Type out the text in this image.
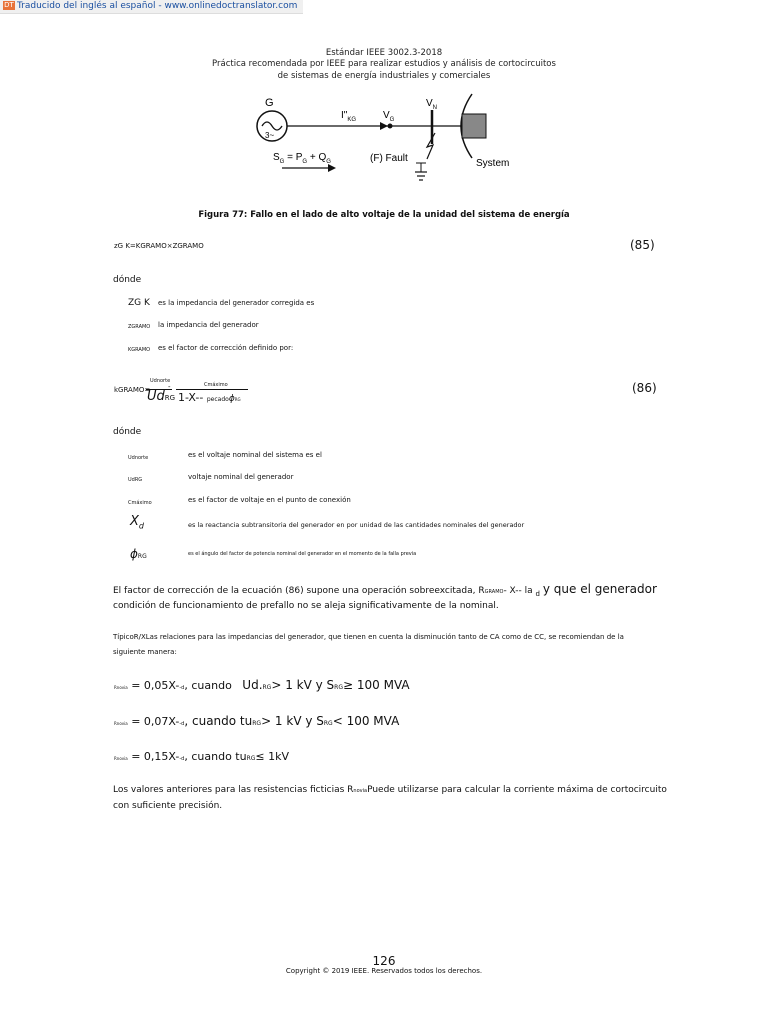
DT Traducido del inglés al español - www.onlinedoctranslator.com
Estándar IEEE 3002.3-2018
Práctica recomendada por IEEE para realizar estudios y análisis de cortocircuitos
de sistemas de energía industriales y comerciales
G
3~
$I"_{KG}$	$V_G$
$V_N$
$S_G = P_G + Q_G$	(F) Fault	System
Figura 77: Fallo en el lado de alto voltaje de la unidad del sistema de energía
zG K=KGRAMO×ZGRAMO	(85)
dónde
ZG K es la impedancia del generador corregida es
ZGRAMO la impedancia del generador
KGRAMO es el factor de corrección definido por:
kGRAMO=
Udnorte
UdRG
-	Cmáximo
1-X-- pecadoϕRG
(86)
dónde
Udnorte	es el voltaje nominal del sistema es el
UdRG	voltaje nominal del generador
Cmáximo	es el factor de voltaje en el punto de conexión
$X_d$	es la reactancia subtransitoria del generador en por unidad de las cantidades nominales del generador
ϕRG	es el ángulo del factor de potencia nominal del generador en el momento de la falla previa
El factor de corrección de la ecuación (86) supone una operación sobreexcitada, RGRAMO- X-- la $_d$ y que el generador
condición de funcionamiento de prefallo no se aleja significativamente de la nominal.
TípicoR/XLas relaciones para las impedancias del generador, que tienen en cuenta la disminución tanto de CA como de CC, se recomiendan de la
siguiente manera:
Rnovia = 0,05X--d, cuando Ud.RG> 1 kV y SRG≥ 100 MVA
Rnovia = 0,07X--d, cuando tuRG> 1 kV y SRG< 100 MVA
Rnovia = 0,15X--d, cuando tuRG≤ 1kV
Los valores anteriores para las resistencias ficticias RnoviaPuede utilizarse para calcular la corriente máxima de cortocircuito
con suficiente precisión.
126
Copyright © 2019 IEEE. Reservados todos los derechos.
